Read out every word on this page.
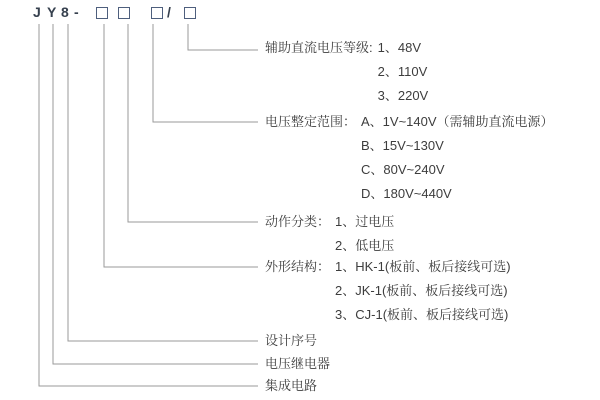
J Y 8 -	/
辅助直流电压等级: 1、48V
2、110V
3、220V
电压整定范围： A、1V~140V（需辅助直流电源）
B、15V~130V
C、80V~240V
D、180V~440V
动作分类： 1、过电压
2、低电压
外形结构： 1、HK-1(板前、板后接线可选)
2、JK-1(板前、板后接线可选)
3、CJ-1(板前、板后接线可选)
设计序号
电压继电器
集成电路
